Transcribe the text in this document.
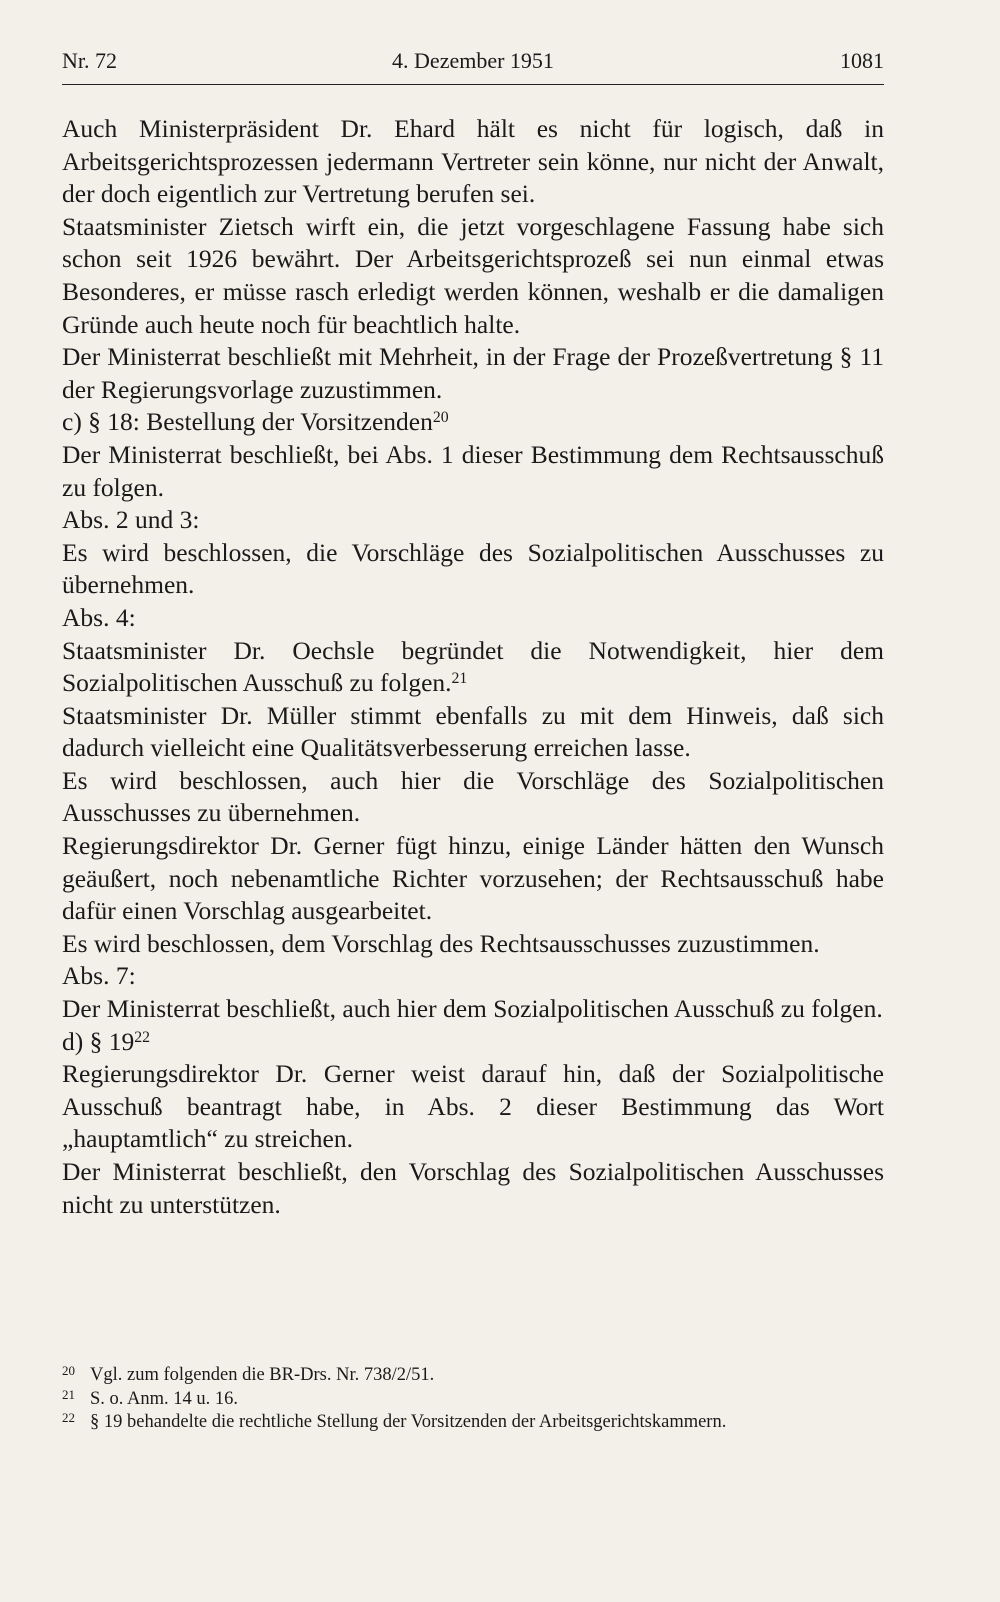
Nr. 72	4. Dezember 1951	1081

Auch Ministerpräsident Dr. Ehard hält es nicht für logisch, daß in Arbeitsgerichtsprozessen jedermann Vertreter sein könne, nur nicht der Anwalt, der doch eigentlich zur Vertretung berufen sei.

Staatsminister Zietsch wirft ein, die jetzt vorgeschlagene Fassung habe sich schon seit 1926 bewährt. Der Arbeitsgerichtsprozeß sei nun einmal etwas Besonderes, er müsse rasch erledigt werden können, weshalb er die damaligen Gründe auch heute noch für beachtlich halte.

Der Ministerrat beschließt mit Mehrheit, in der Frage der Prozeßvertretung § 11 der Regierungsvorlage zuzustimmen.

c) § 18: Bestellung der Vorsitzenden$^{20}$

Der Ministerrat beschließt, bei Abs. 1 dieser Bestimmung dem Rechtsausschuß zu folgen.

Abs. 2 und 3:

Es wird beschlossen, die Vorschläge des Sozialpolitischen Ausschusses zu übernehmen.

Abs. 4:

Staatsminister Dr. Oechsle begründet die Notwendigkeit, hier dem Sozialpolitischen Ausschuß zu folgen.$^{21}$

Staatsminister Dr. Müller stimmt ebenfalls zu mit dem Hinweis, daß sich dadurch vielleicht eine Qualitätsverbesserung erreichen lasse.

Es wird beschlossen, auch hier die Vorschläge des Sozialpolitischen Ausschusses zu übernehmen.

Regierungsdirektor Dr. Gerner fügt hinzu, einige Länder hätten den Wunsch geäußert, noch nebenamtliche Richter vorzusehen; der Rechtsausschuß habe dafür einen Vorschlag ausgearbeitet.

Es wird beschlossen, dem Vorschlag des Rechtsausschusses zuzustimmen.

Abs. 7:

Der Ministerrat beschließt, auch hier dem Sozialpolitischen Ausschuß zu folgen.

d) § $19^{22}$

Regierungsdirektor Dr. Gerner weist darauf hin, daß der Sozialpolitische Ausschuß beantragt habe, in Abs. 2 dieser Bestimmung das Wort „hauptamtlich“ zu streichen.

Der Ministerrat beschließt, den Vorschlag des Sozialpolitischen Ausschusses nicht zu unterstützen.

20 Vgl. zum folgenden die BR-Drs. Nr. 738/2/51.
21 S. o. Anm. 14 u. 16.
22 § 19 behandelte die rechtliche Stellung der Vorsitzenden der Arbeitsgerichtskammern.
